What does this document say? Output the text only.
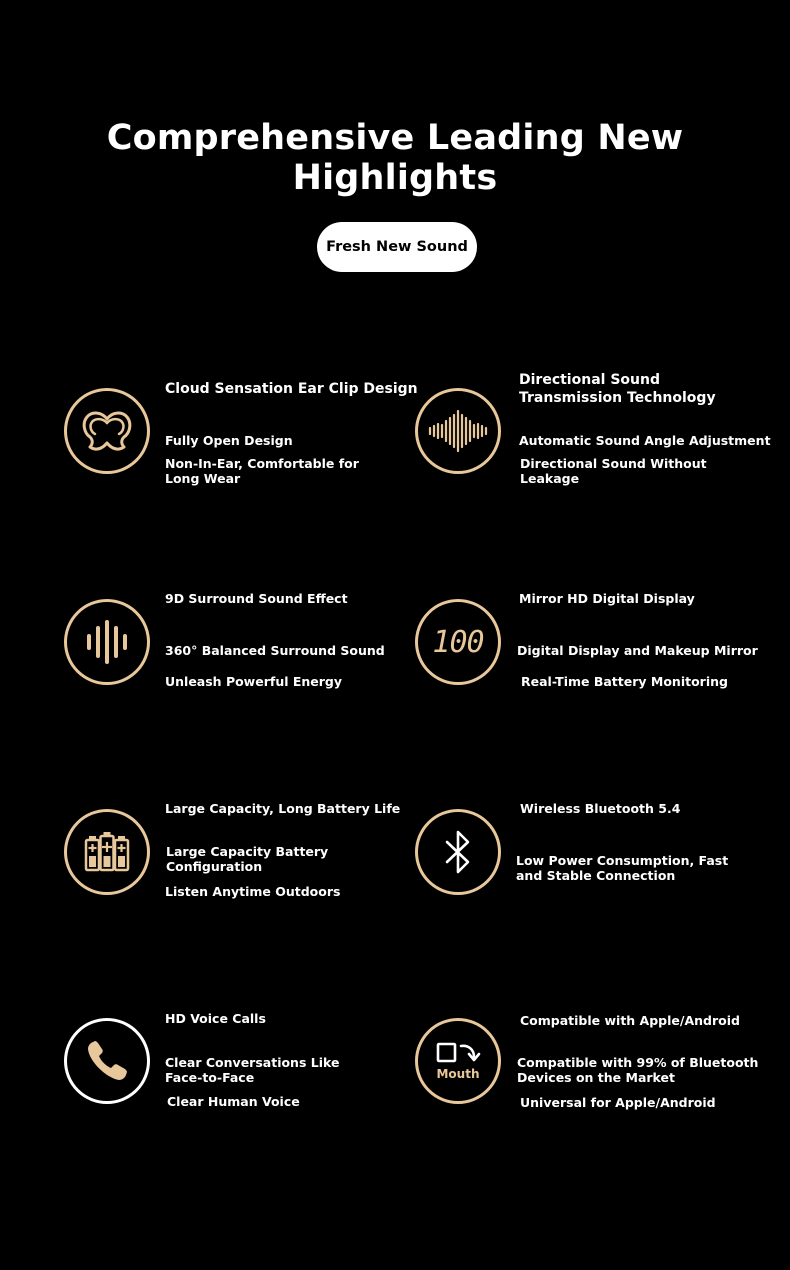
Comprehensive Leading New Highlights
Fresh New Sound
Cloud Sensation Ear Clip Design
Fully Open Design
Non-In-Ear, Comfortable for
Long Wear
Directional Sound
Transmission Technology
Automatic Sound Angle Adjustment
Directional Sound Without
Leakage
9D Surround Sound Effect
360° Balanced Surround Sound
Unleash Powerful Energy
100
Mirror HD Digital Display
Digital Display and Makeup Mirror
Real-Time Battery Monitoring
Large Capacity, Long Battery Life
Large Capacity Battery
Configuration
Listen Anytime Outdoors
Wireless Bluetooth 5.4
Low Power Consumption, Fast
and Stable Connection
HD Voice Calls
Clear Conversations Like
Face-to-Face
Clear Human Voice
Mouth
Compatible with Apple/Android
Compatible with 99% of Bluetooth
Devices on the Market
Universal for Apple/Android
